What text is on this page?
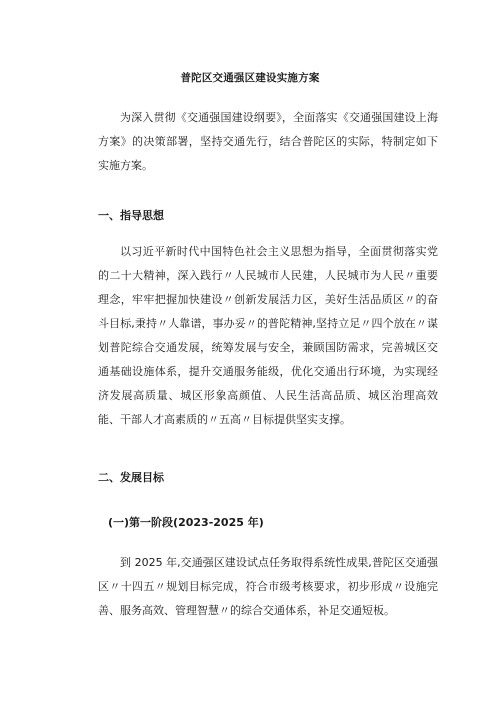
普陀区交通强区建设实施方案

为深入贯彻《交通强国建设纲要》，全面落实《交通强国建设上海方案》的决策部署，坚持交通先行，结合普陀区的实际，特制定如下实施方案。

一、指导思想

以习近平新时代中国特色社会主义思想为指导，全面贯彻落实党的二十大精神，深入践行〃人民城市人民建，人民城市为人民〃重要理念，牢牢把握加快建设〃创新发展活力区，美好生活品质区〃的奋斗目标,秉持〃人靠谱，事办妥〃的普陀精神,坚持立足〃四个放在〃谋划普陀综合交通发展，统筹发展与安全，兼顾国防需求，完善城区交通基础设施体系，提升交通服务能级，优化交通出行环境，为实现经济发展高质量、城区形象高颜值、人民生活高品质、城区治理高效能、干部人才高素质的〃五高〃目标提供坚实支撑。

二、发展目标
(一)第一阶段(2023-2025 年)

到 2025 年,交通强区建设试点任务取得系统性成果,普陀区交通强区〃十四五〃规划目标完成，符合市级考核要求，初步形成〃设施完善、服务高效、管理智慧〃的综合交通体系，补足交通短板。
